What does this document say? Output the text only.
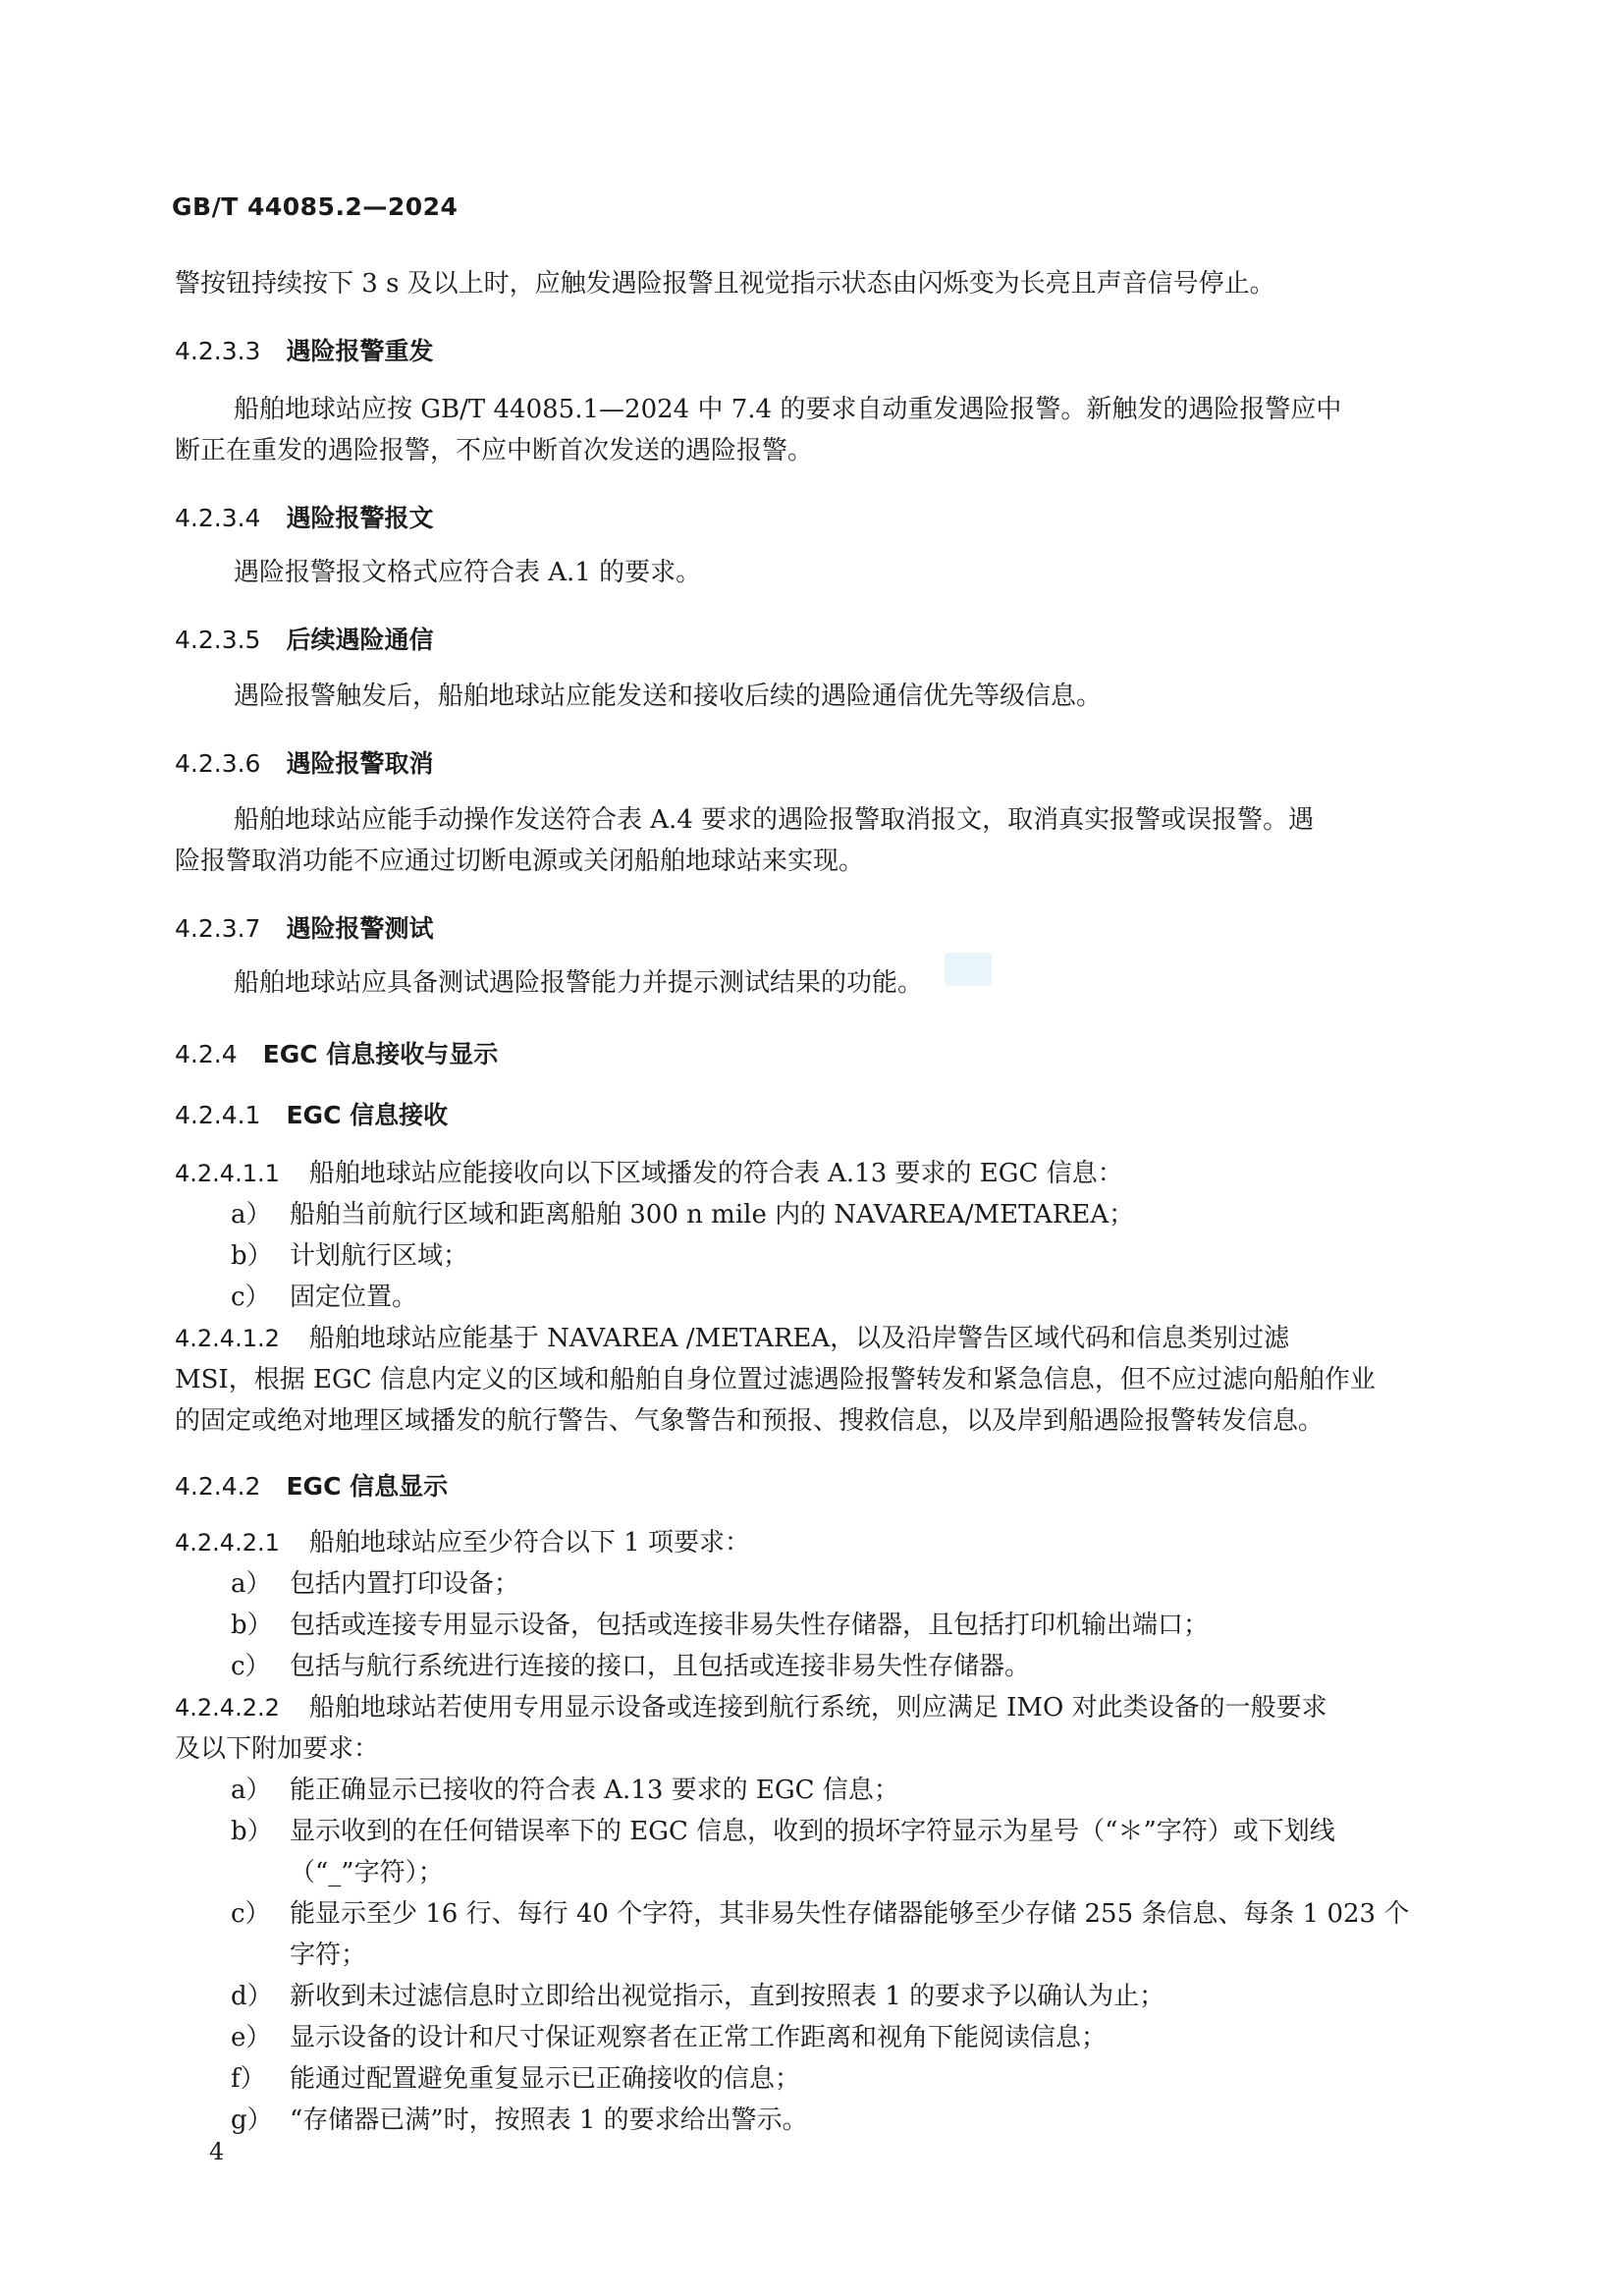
GB/T 44085.2—2024
警按钮持续按下 3 s 及以上时，应触发遇险报警且视觉指示状态由闪烁变为长亮且声音信号停止。
4.2.3.3 遇险报警重发
船舶地球站应按 GB/T 44085.1—2024 中 7.4 的要求自动重发遇险报警。新触发的遇险报警应中
断正在重发的遇险报警，不应中断首次发送的遇险报警。
4.2.3.4 遇险报警报文
遇险报警报文格式应符合表 A.1 的要求。
4.2.3.5 后续遇险通信
遇险报警触发后，船舶地球站应能发送和接收后续的遇险通信优先等级信息。
4.2.3.6 遇险报警取消
船舶地球站应能手动操作发送符合表 A.4 要求的遇险报警取消报文，取消真实报警或误报警。遇
险报警取消功能不应通过切断电源或关闭船舶地球站来实现。
4.2.3.7 遇险报警测试
船舶地球站应具备测试遇险报警能力并提示测试结果的功能。
4.2.4 EGC 信息接收与显示
4.2.4.1 EGC 信息接收
4.2.4.1.1 船舶地球站应能接收向以下区域播发的符合表 A.13 要求的 EGC 信息：
a） 船舶当前航行区域和距离船舶 300 n mile 内的 NAVAREA/METAREA；
b） 计划航行区域；
c） 固定位置。
4.2.4.1.2 船舶地球站应能基于 NAVAREA /METAREA，以及沿岸警告区域代码和信息类别过滤
MSI，根据 EGC 信息内定义的区域和船舶自身位置过滤遇险报警转发和紧急信息，但不应过滤向船舶作业
的固定或绝对地理区域播发的航行警告、气象警告和预报、搜救信息，以及岸到船遇险报警转发信息。
4.2.4.2 EGC 信息显示
4.2.4.2.1 船舶地球站应至少符合以下 1 项要求：
a） 包括内置打印设备；
b） 包括或连接专用显示设备，包括或连接非易失性存储器，且包括打印机输出端口；
c） 包括与航行系统进行连接的接口，且包括或连接非易失性存储器。
4.2.4.2.2 船舶地球站若使用专用显示设备或连接到航行系统，则应满足 IMO 对此类设备的一般要求
及以下附加要求：
a） 能正确显示已接收的符合表 A.13 要求的 EGC 信息；
b） 显示收到的在任何错误率下的 EGC 信息，收到的损坏字符显示为星号（“＊”字符）或下划线
（“_”字符）；
c） 能显示至少 16 行、每行 40 个字符，其非易失性存储器能够至少存储 255 条信息、每条 1 023 个
字符；
d） 新收到未过滤信息时立即给出视觉指示，直到按照表 1 的要求予以确认为止；
e） 显示设备的设计和尺寸保证观察者在正常工作距离和视角下能阅读信息；
f） 能通过配置避免重复显示已正确接收的信息；
g） “存储器已满”时，按照表 1 的要求给出警示。
4
